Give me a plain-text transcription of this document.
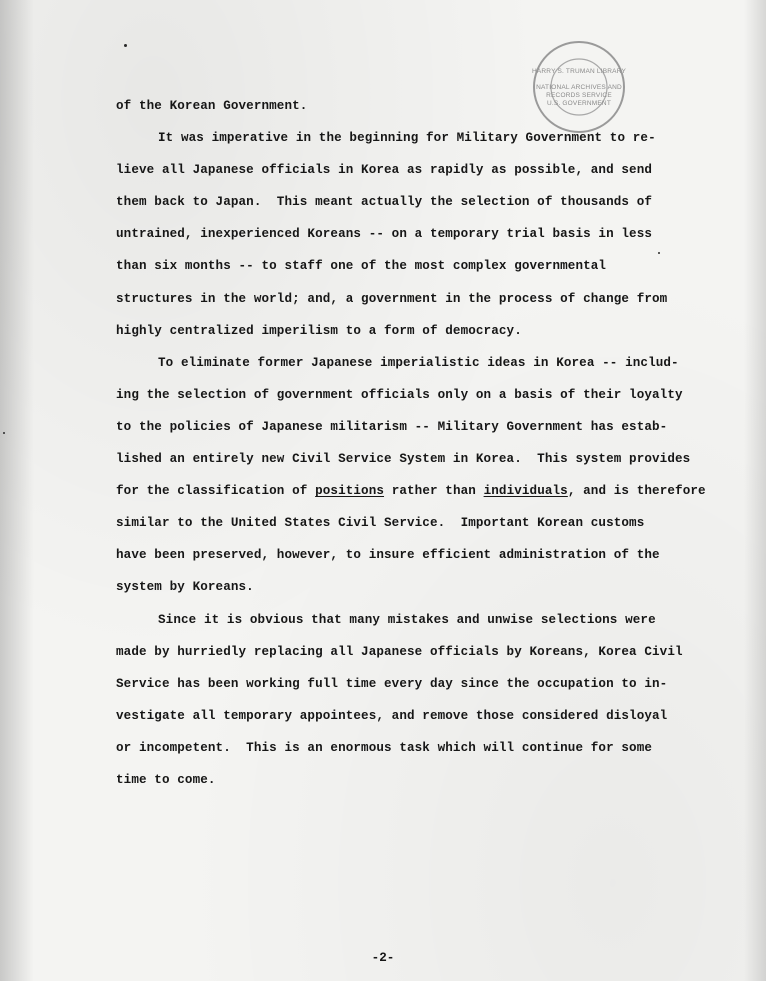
HARRY S. TRUMAN LIBRARY
NATIONAL ARCHIVES AND RECORDS SERVICE
U.S. GOVERNMENT
of the Korean Government.
It was imperative in the beginning for Military Government to re-
lieve all Japanese officials in Korea as rapidly as possible, and send
them back to Japan.  This meant actually the selection of thousands of
untrained, inexperienced Koreans -- on a temporary trial basis in less
than six months -- to staff one of the most complex governmental
structures in the world; and, a government in the process of change from
highly centralized imperilism to a form of democracy.
To eliminate former Japanese imperialistic ideas in Korea -- includ-
ing the selection of government officials only on a basis of their loyalty
to the policies of Japanese militarism -- Military Government has estab-
lished an entirely new Civil Service System in Korea.  This system provides
for the classification of positions rather than individuals, and is therefore
similar to the United States Civil Service.  Important Korean customs
have been preserved, however, to insure efficient administration of the
system by Koreans.
Since it is obvious that many mistakes and unwise selections were
made by hurriedly replacing all Japanese officials by Koreans, Korea Civil
Service has been working full time every day since the occupation to in-
vestigate all temporary appointees, and remove those considered disloyal
or incompetent.  This is an enormous task which will continue for some
time to come.
-2-
